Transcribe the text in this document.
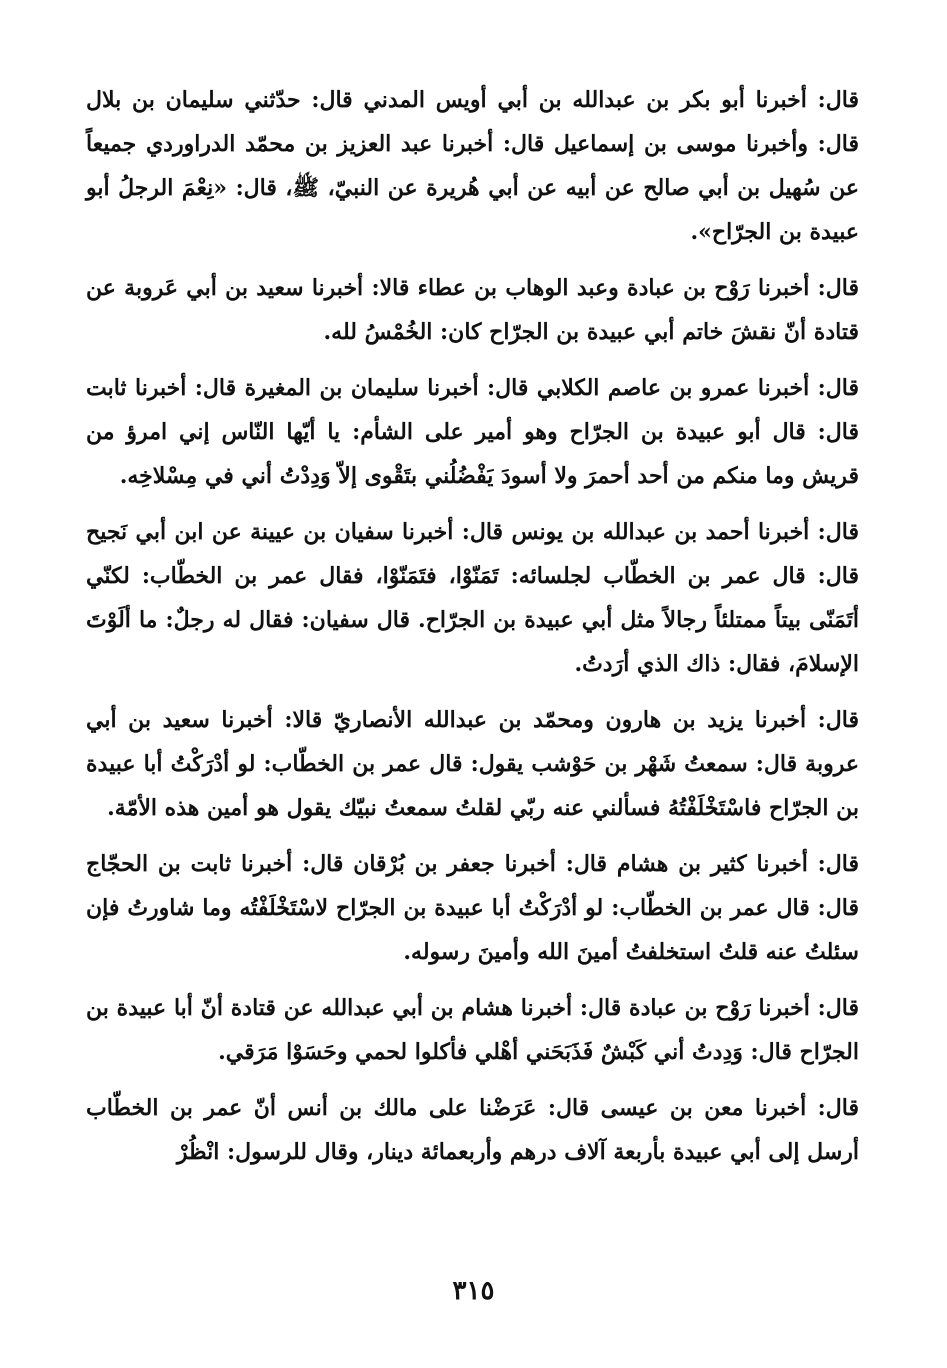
قال: أخبرنا أبو بكر بن عبدالله بن أبي أويس المدني قال: حدّثني سليمان بن بلال قال: وأخبرنا موسى بن إسماعيل قال: أخبرنا عبد العزيز بن محمّد الدراوردي جميعاً عن سُهيل بن أبي صالح عن أبيه عن أبي هُريرة عن النبيّ، ﷺ، قال: «نِعْمَ الرجلُ أبو عبيدة بن الجرّاح».

قال: أخبرنا رَوْح بن عبادة وعبد الوهاب بن عطاء قالا: أخبرنا سعيد بن أبي عَروبة عن قتادة أنّ نقشَ خاتم أبي عبيدة بن الجرّاح كان: الخُمْسُ لله.

قال: أخبرنا عمرو بن عاصم الكلابي قال: أخبرنا سليمان بن المغيرة قال: أخبرنا ثابت قال: قال أبو عبيدة بن الجرّاح وهو أمير على الشأم: يا أيّها النّاس إني امرؤ من قريش وما منكم من أحد أحمرَ ولا أسودَ يَفْضُلُني بتَقْوى إلاّ وَدِدْتُ أني في مِسْلاخِه.

قال: أخبرنا أحمد بن عبدالله بن يونس قال: أخبرنا سفيان بن عيينة عن ابن أبي نَجيح قال: قال عمر بن الخطّاب لجلسائه: تَمَنّوْا، فتَمَنّوْا، فقال عمر بن الخطّاب: لكنّي أتَمَنّى بيتاً ممتلئاً رجالاً مثل أبي عبيدة بن الجرّاح. قال سفيان: فقال له رجلٌ: ما ألَوْتَ الإسلامَ، فقال: ذاك الذي أرَدتُ.

قال: أخبرنا يزيد بن هارون ومحمّد بن عبدالله الأنصاريّ قالا: أخبرنا سعيد بن أبي عروبة قال: سمعتُ شَهْر بن حَوْشب يقول: قال عمر بن الخطّاب: لو أدْرَكْتُ أبا عبيدة بن الجرّاح فاسْتَخْلَفْتُهُ فسألني عنه ربّي لقلتُ سمعتُ نبيّك يقول هو أمين هذه الأمّة.

قال: أخبرنا كثير بن هشام قال: أخبرنا جعفر بن بُرْقان قال: أخبرنا ثابت بن الحجّاج قال: قال عمر بن الخطّاب: لو أدْرَكْتُ أبا عبيدة بن الجرّاح لاسْتَخْلَفْتُه وما شاورتُ فإن سئلتُ عنه قلتُ استخلفتُ أمينَ الله وأمينَ رسوله.

قال: أخبرنا رَوْح بن عبادة قال: أخبرنا هشام بن أبي عبدالله عن قتادة أنّ أبا عبيدة بن الجرّاح قال: وَدِدتُ أني كَبْشٌ فَذَبَحَني أهْلي فأكلوا لحمي وحَسَوْا مَرَقي.

قال: أخبرنا معن بن عيسى قال: عَرَضْنا على مالك بن أنس أنّ عمر بن الخطّاب أرسل إلى أبي عبيدة بأربعة آلاف درهم وأربعمائة دينار، وقال للرسول: انْظُرْ

٣١٥
